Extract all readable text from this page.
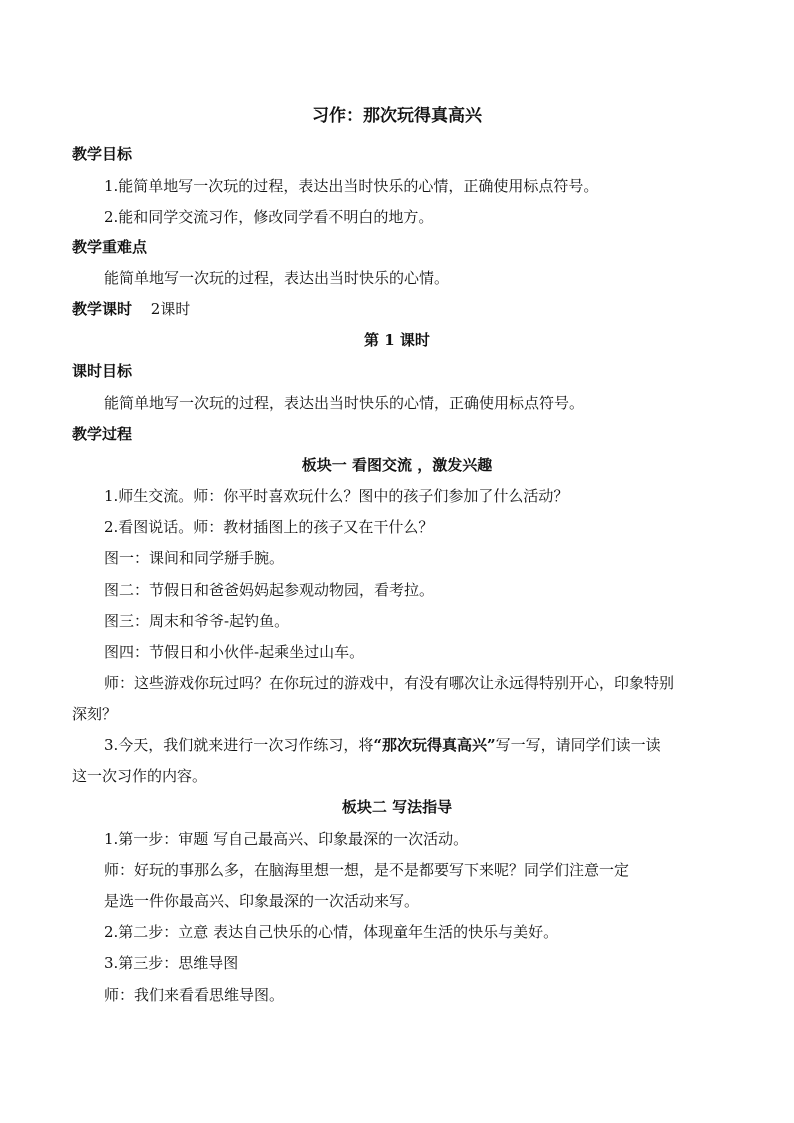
习作：那次玩得真高兴
教学目标
1.能简单地写一次玩的过程，表达出当时快乐的心情，正确使用标点符号。
2.能和同学交流习作，修改同学看不明白的地方。
教学重难点
能简单地写一次玩的过程，表达出当时快乐的心情。
教学课时 2课时
第 1 课时
课时目标
能简单地写一次玩的过程，表达出当时快乐的心情，正确使用标点符号。
教学过程
板块一 看图交流 ，激发兴趣
1.师生交流。师：你平时喜欢玩什么？图中的孩子们参加了什么活动？
2.看图说话。师：教材插图上的孩子又在干什么？
图一：课间和同学掰手腕。
图二：节假日和爸爸妈妈起参观动物园，看考拉。
图三：周末和爷爷-起钓鱼。
图四：节假日和小伙伴-起乘坐过山车。
师：这些游戏你玩过吗？在你玩过的游戏中，有没有哪次让永远得特别开心，印象特别
深刻？
3.今天，我们就来进行一次习作练习，将“那次玩得真高兴”写一写，请同学们读一读
这一次习作的内容。
板块二 写法指导
1.第一步：审题 写自己最高兴、印象最深的一次活动。
师：好玩的事那么多，在脑海里想一想，是不是都要写下来呢？同学们注意一定
是选一件你最高兴、印象最深的一次活动来写。
2.第二步：立意 表达自己快乐的心情，体现童年生活的快乐与美好。
3.第三步：思维导图
师：我们来看看思维导图。
